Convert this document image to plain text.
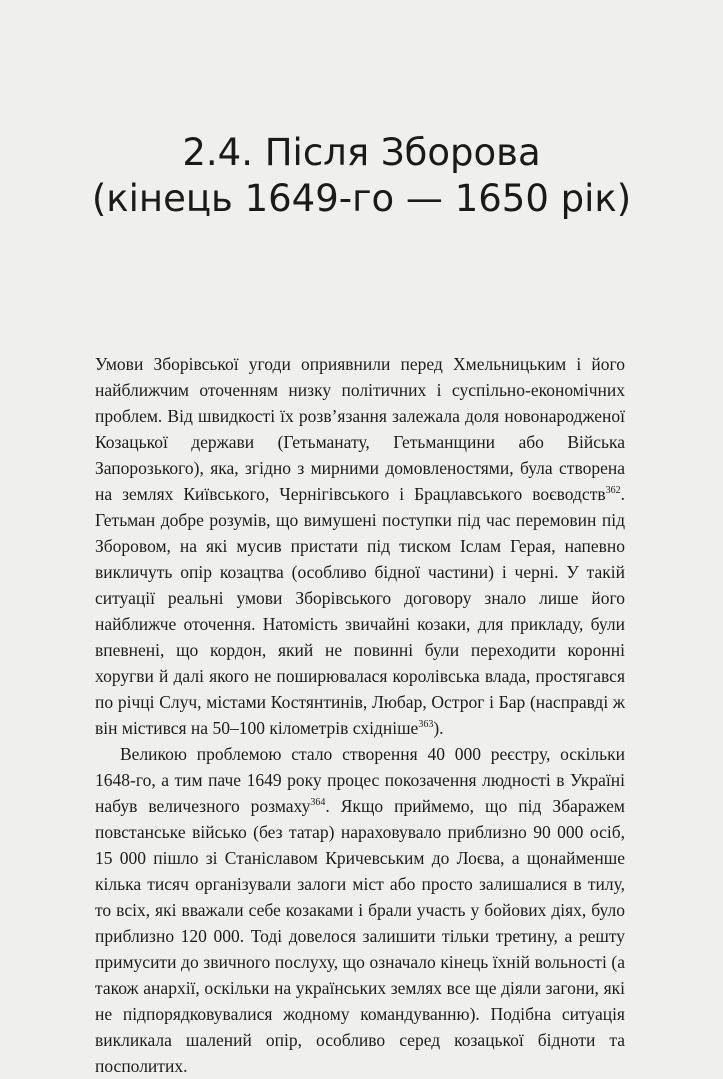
2.4. Після Зборова
(кінець 1649-го — 1650 рік)

Умови Зборівської угоди оприявнили перед Хмельницьким і його найближчим оточенням низку політичних і суспільно-економічних проблем. Від швидкості їх розв’язання залежала доля новонародженої Козацької держави (Гетьманату, Гетьманщини або Війська Запорозького), яка, згідно з мирними домовленостями, була створена на землях Київського, Чернігівського і Брацлавського воєводств$^{362}$. Гетьман добре розумів, що вимушені поступки під час перемовин під Зборовом, на які мусив пристати під тиском Іслам Герая, напевно викличуть опір козацтва (особливо бідної частини) і черні. У такій ситуації реальні умови Зборівського договору знало лише його найближче оточення. Натомість звичайні козаки, для прикладу, були впевнені, що кордон, який не повинні були переходити коронні хоругви й далі якого не поширювалася королівська влада, простягався по річці Случ, містами Костянтинів, Любар, Острог і Бар (насправді ж він містився на 50–100 кілометрів східніше$^{363}$).

Великою проблемою стало створення 40 000 реєстру, оскільки 1648-го, а тим паче 1649 року процес покозачення людності в Україні набув величезного розмаху$^{364}$. Якщо приймемо, що під Збаражем повстанське військо (без татар) нараховувало приблизно 90 000 осіб, 15 000 пішло зі Станіславом Кричевським до Лоєва, а щонайменше кілька тисяч організували залоги міст або просто залишалися в тилу, то всіх, які вважали себе козаками і брали участь у бойових діях, було приблизно 120 000. Тоді довелося залишити тільки третину, а решту примусити до звичного послуху, що означало кінець їхній вольності (а також анархії, оскільки на українських землях все ще діяли загони, які не підпорядковувалися жодному командуванню). Подібна ситуація викликала шалений опір, особливо серед козацької бідноти та посполитих.
